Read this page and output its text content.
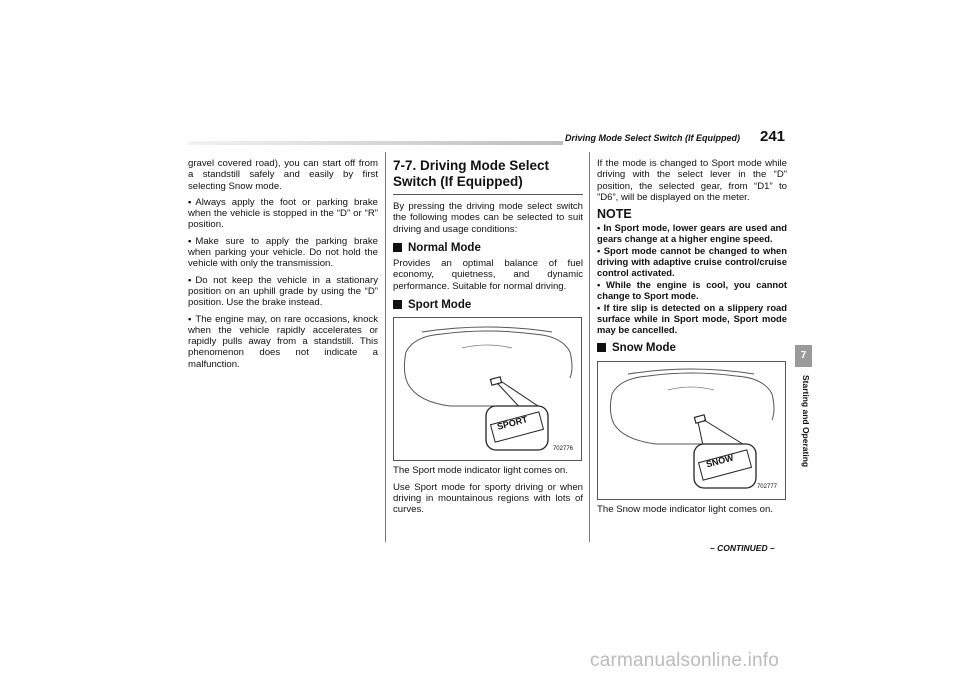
Driving Mode Select Switch (If Equipped) 241

gravel covered road), you can start off from a standstill safely and easily by first selecting Snow mode.

• Always apply the foot or parking brake when the vehicle is stopped in the “D” or “R” position.
• Make sure to apply the parking brake when parking your vehicle. Do not hold the vehicle with only the transmission.
• Do not keep the vehicle in a stationary position on an uphill grade by using the “D” position. Use the brake instead.
• The engine may, on rare occasions, knock when the vehicle rapidly accelerates or rapidly pulls away from a standstill. This phenomenon does not indicate a malfunction.
7-7. Driving Mode Select Switch (If Equipped)

By pressing the driving mode select switch the following modes can be selected to suit driving and usage conditions:

Normal Mode

Provides an optimal balance of fuel economy, quietness, and dynamic performance. Suitable for normal driving.

Sport Mode
SPORT
702776

The Sport mode indicator light comes on.

Use Sport mode for sporty driving or when driving in mountainous regions with lots of curves.

If the mode is changed to Sport mode while driving with the select lever in the “D” position, the selected gear, from “D1” to ”D6”, will be displayed on the meter.

NOTE
• In Sport mode, lower gears are used and gears change at a higher engine speed.
• Sport mode cannot be changed to when driving with adaptive cruise control/cruise control activated.
• While the engine is cool, you cannot change to Sport mode.
• If tire slip is detected on a slippery road surface while in Sport mode, Sport mode may be cancelled.
Snow Mode
SNOW
702777

The Snow mode indicator light comes on.

– CONTINUED –
7
Starting and Operating
carmanualsonline.info
